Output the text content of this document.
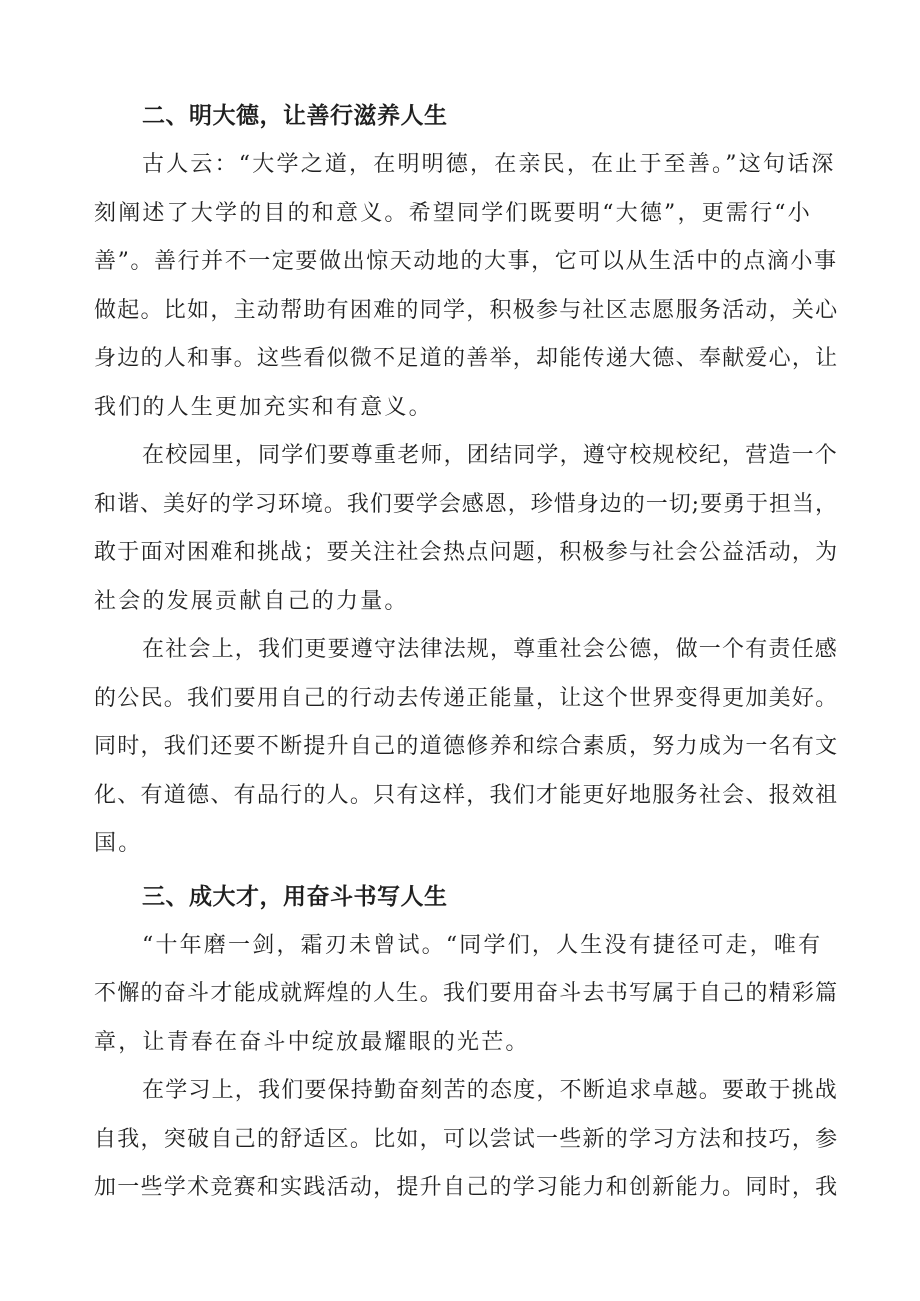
二、明大德，让善行滋养人生

古人云：“大学之道，在明明德，在亲民，在止于至善。”这句话深
刻阐述了大学的目的和意义。希望同学们既要明“大德”，更需行“小
善”。善行并不一定要做出惊天动地的大事，它可以从生活中的点滴小事
做起。比如，主动帮助有困难的同学，积极参与社区志愿服务活动，关心
身边的人和事。这些看似微不足道的善举，却能传递大德、奉献爱心，让
我们的人生更加充实和有意义。

在校园里，同学们要尊重老师，团结同学，遵守校规校纪，营造一个
和谐、美好的学习环境。我们要学会感恩，珍惜身边的一切;要勇于担当，
敢于面对困难和挑战；要关注社会热点问题，积极参与社会公益活动，为
社会的发展贡献自己的力量。

在社会上，我们更要遵守法律法规，尊重社会公德，做一个有责任感
的公民。我们要用自己的行动去传递正能量，让这个世界变得更加美好。
同时，我们还要不断提升自己的道德修养和综合素质，努力成为一名有文
化、有道德、有品行的人。只有这样，我们才能更好地服务社会、报效祖
国。

三、成大才，用奋斗书写人生

“十年磨一剑，霜刃未曾试。“同学们，人生没有捷径可走，唯有
不懈的奋斗才能成就辉煌的人生。我们要用奋斗去书写属于自己的精彩篇
章，让青春在奋斗中绽放最耀眼的光芒。

在学习上，我们要保持勤奋刻苦的态度，不断追求卓越。要敢于挑战
自我，突破自己的舒适区。比如，可以尝试一些新的学习方法和技巧，参
加一些学术竞赛和实践活动，提升自己的学习能力和创新能力。同时，我
